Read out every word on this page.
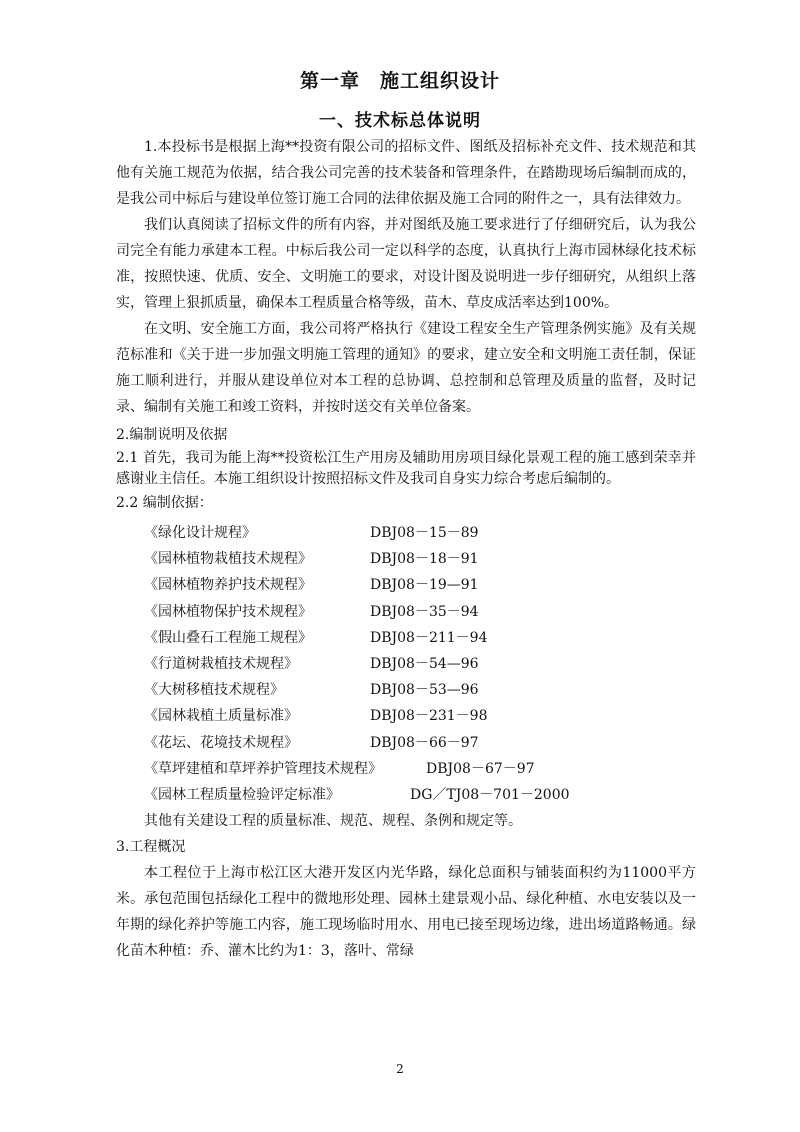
第一章　施工组织设计
一、技术标总体说明

1.本投标书是根据上海**投资有限公司的招标文件、图纸及招标补充文件、技术规范和其他有关施工规范为依据，结合我公司完善的技术装备和管理条件，在踏勘现场后编制而成的，是我公司中标后与建设单位签订施工合同的法律依据及施工合同的附件之一，具有法律效力。

我们认真阅读了招标文件的所有内容，并对图纸及施工要求进行了仔细研究后，认为我公司完全有能力承建本工程。中标后我公司一定以科学的态度，认真执行上海市园林绿化技术标准，按照快速、优质、安全、文明施工的要求，对设计图及说明进一步仔细研究，从组织上落实，管理上狠抓质量，确保本工程质量合格等级，苗木、草皮成活率达到100%。

在文明、安全施工方面，我公司将严格执行《建设工程安全生产管理条例实施》及有关规范标准和《关于进一步加强文明施工管理的通知》的要求，建立安全和文明施工责任制，保证施工顺利进行，并服从建设单位对本工程的总协调、总控制和总管理及质量的监督，及时记录、编制有关施工和竣工资料，并按时送交有关单位备案。

2.编制说明及依据

2.1 首先，我司为能上海**投资松江生产用房及辅助用房项目绿化景观工程的施工感到荣幸并感谢业主信任。本施工组织设计按照招标文件及我司自身实力综合考虑后编制的。

2.2 编制依据：

《绿化设计规程》	DBJ08－15－89
《园林植物栽植技术规程》	DBJ08－18－91
《园林植物养护技术规程》	DBJ08－19—91
《园林植物保护技术规程》	DBJ08－35－94
《假山叠石工程施工规程》	DBJ08－211－94
《行道树栽植技术规程》	DBJ08－54—96
《大树移植技术规程》	DBJ08－53—96
《园林栽植土质量标准》	DBJ08－231－98
《花坛、花境技术规程》	DBJ08－66－97
《草坪建植和草坪养护管理技术规程》	DBJ08－67－97
《园林工程质量检验评定标准》	DG／TJ08－701－2000

其他有关建设工程的质量标准、规范、规程、条例和规定等。

3.工程概况

本工程位于上海市松江区大港开发区内光华路，绿化总面积与铺装面积约为11000平方米。承包范围包括绿化工程中的微地形处理、园林土建景观小品、绿化种植、水电安装以及一年期的绿化养护等施工内容，施工现场临时用水、用电已接至现场边缘，进出场道路畅通。绿化苗木种植：乔、灌木比约为1：3，落叶、常绿

2
